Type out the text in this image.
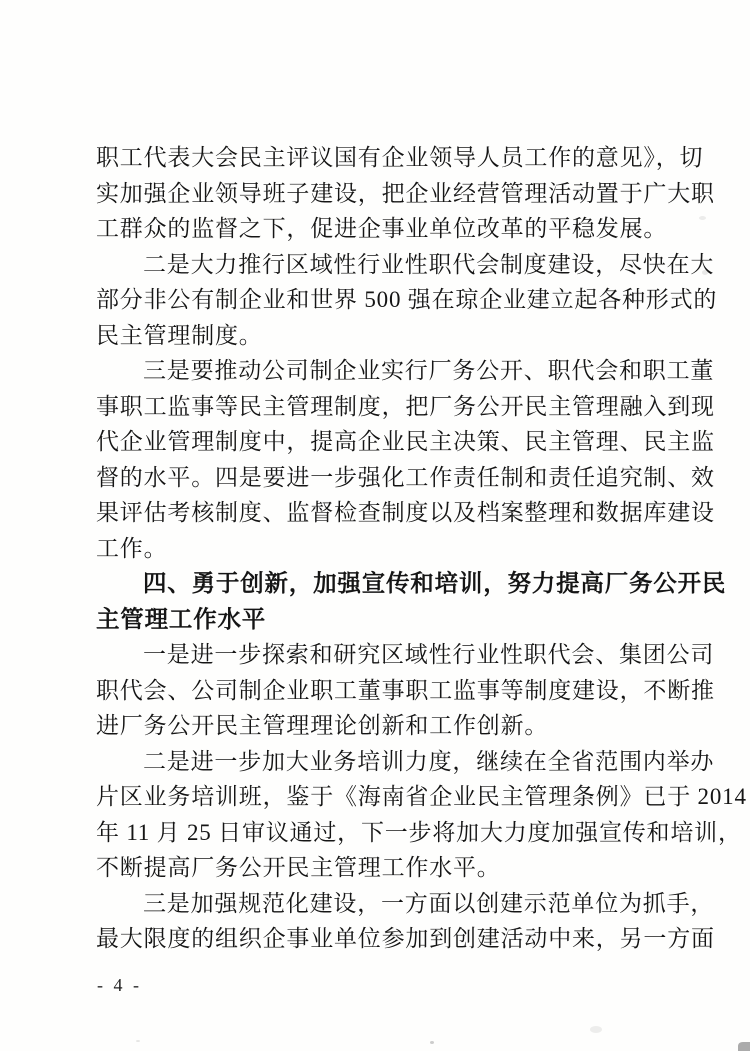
职工代表大会民主评议国有企业领导人员工作的意见》，切
实加强企业领导班子建设，把企业经营管理活动置于广大职
工群众的监督之下，促进企事业单位改革的平稳发展。
二是大力推行区域性行业性职代会制度建设，尽快在大
部分非公有制企业和世界 500 强在琼企业建立起各种形式的
民主管理制度。
三是要推动公司制企业实行厂务公开、职代会和职工董
事职工监事等民主管理制度，把厂务公开民主管理融入到现
代企业管理制度中，提高企业民主决策、民主管理、民主监
督的水平。四是要进一步强化工作责任制和责任追究制、效
果评估考核制度、监督检查制度以及档案整理和数据库建设
工作。
四、勇于创新，加强宣传和培训，努力提高厂务公开民
主管理工作水平
一是进一步探索和研究区域性行业性职代会、集团公司
职代会、公司制企业职工董事职工监事等制度建设，不断推
进厂务公开民主管理理论创新和工作创新。
二是进一步加大业务培训力度，继续在全省范围内举办
片区业务培训班，鉴于《海南省企业民主管理条例》已于 2014
年 11 月 25 日审议通过，下一步将加大力度加强宣传和培训，
不断提高厂务公开民主管理工作水平。
三是加强规范化建设，一方面以创建示范单位为抓手，
最大限度的组织企事业单位参加到创建活动中来，另一方面
- 4 -
